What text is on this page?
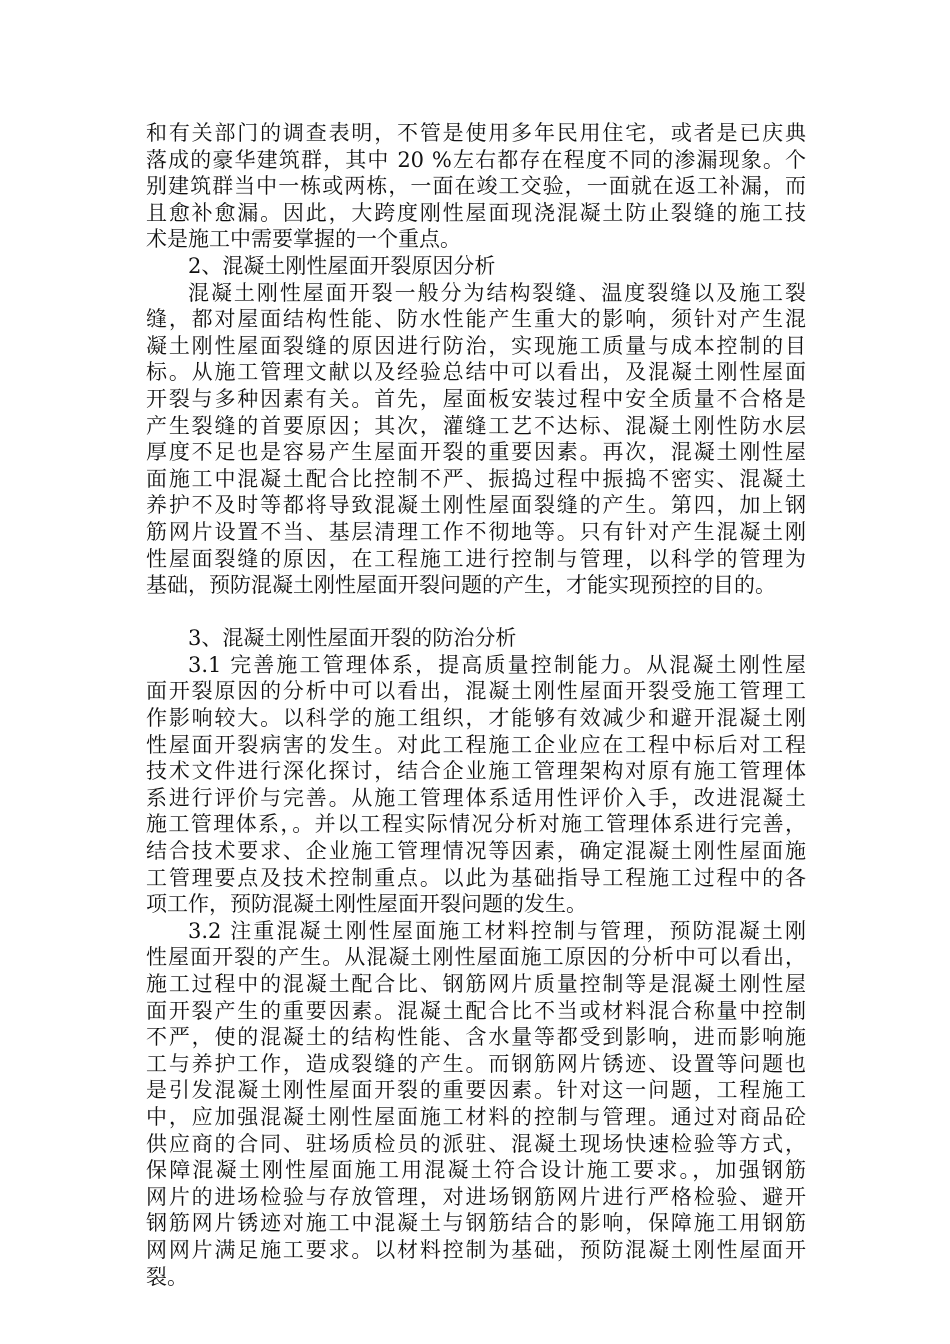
和有关部门的调查表明，不管是使用多年民用住宅，或者是已庆典
落成的豪华建筑群，其中 20 %左右都存在程度不同的渗漏现象。个
别建筑群当中一栋或两栋，一面在竣工交验，一面就在返工补漏，而
且愈补愈漏。因此，大跨度刚性屋面现浇混凝土防止裂缝的施工技
术是施工中需要掌握的一个重点。
2、混凝土刚性屋面开裂原因分析
混凝土刚性屋面开裂一般分为结构裂缝、温度裂缝以及施工裂
缝，都对屋面结构性能、防水性能产生重大的影响，须针对产生混
凝土刚性屋面裂缝的原因进行防治，实现施工质量与成本控制的目
标。从施工管理文献以及经验总结中可以看出，及混凝土刚性屋面
开裂与多种因素有关。首先，屋面板安装过程中安全质量不合格是
产生裂缝的首要原因；其次，灌缝工艺不达标、混凝土刚性防水层
厚度不足也是容易产生屋面开裂的重要因素。再次，混凝土刚性屋
面施工中混凝土配合比控制不严、振捣过程中振捣不密实、混凝土
养护不及时等都将导致混凝土刚性屋面裂缝的产生。第四，加上钢
筋网片设置不当、基层清理工作不彻地等。只有针对产生混凝土刚
性屋面裂缝的原因，在工程施工进行控制与管理，以科学的管理为
基础，预防混凝土刚性屋面开裂问题的产生，才能实现预控的目的。
3、混凝土刚性屋面开裂的防治分析
3.1 完善施工管理体系，提高质量控制能力。从混凝土刚性屋
面开裂原因的分析中可以看出，混凝土刚性屋面开裂受施工管理工
作影响较大。以科学的施工组织，才能够有效减少和避开混凝土刚
性屋面开裂病害的发生。对此工程施工企业应在工程中标后对工程
技术文件进行深化探讨，结合企业施工管理架构对原有施工管理体
系进行评价与完善。从施工管理体系适用性评价入手，改进混凝土
施工管理体系，。并以工程实际情况分析对施工管理体系进行完善，
结合技术要求、企业施工管理情况等因素，确定混凝土刚性屋面施
工管理要点及技术控制重点。以此为基础指导工程施工过程中的各
项工作，预防混凝土刚性屋面开裂问题的发生。
3.2 注重混凝土刚性屋面施工材料控制与管理，预防混凝土刚
性屋面开裂的产生。从混凝土刚性屋面施工原因的分析中可以看出，
施工过程中的混凝土配合比、钢筋网片质量控制等是混凝土刚性屋
面开裂产生的重要因素。混凝土配合比不当或材料混合称量中控制
不严，使的混凝土的结构性能、含水量等都受到影响，进而影响施
工与养护工作，造成裂缝的产生。而钢筋网片锈迹、设置等问题也
是引发混凝土刚性屋面开裂的重要因素。针对这一问题，工程施工
中，应加强混凝土刚性屋面施工材料的控制与管理。通过对商品砼
供应商的合同、驻场质检员的派驻、混凝土现场快速检验等方式，
保障混凝土刚性屋面施工用混凝土符合设计施工要求。，加强钢筋
网片的进场检验与存放管理，对进场钢筋网片进行严格检验、避开
钢筋网片锈迹对施工中混凝土与钢筋结合的影响，保障施工用钢筋
网网片满足施工要求。以材料控制为基础，预防混凝土刚性屋面开
裂。
